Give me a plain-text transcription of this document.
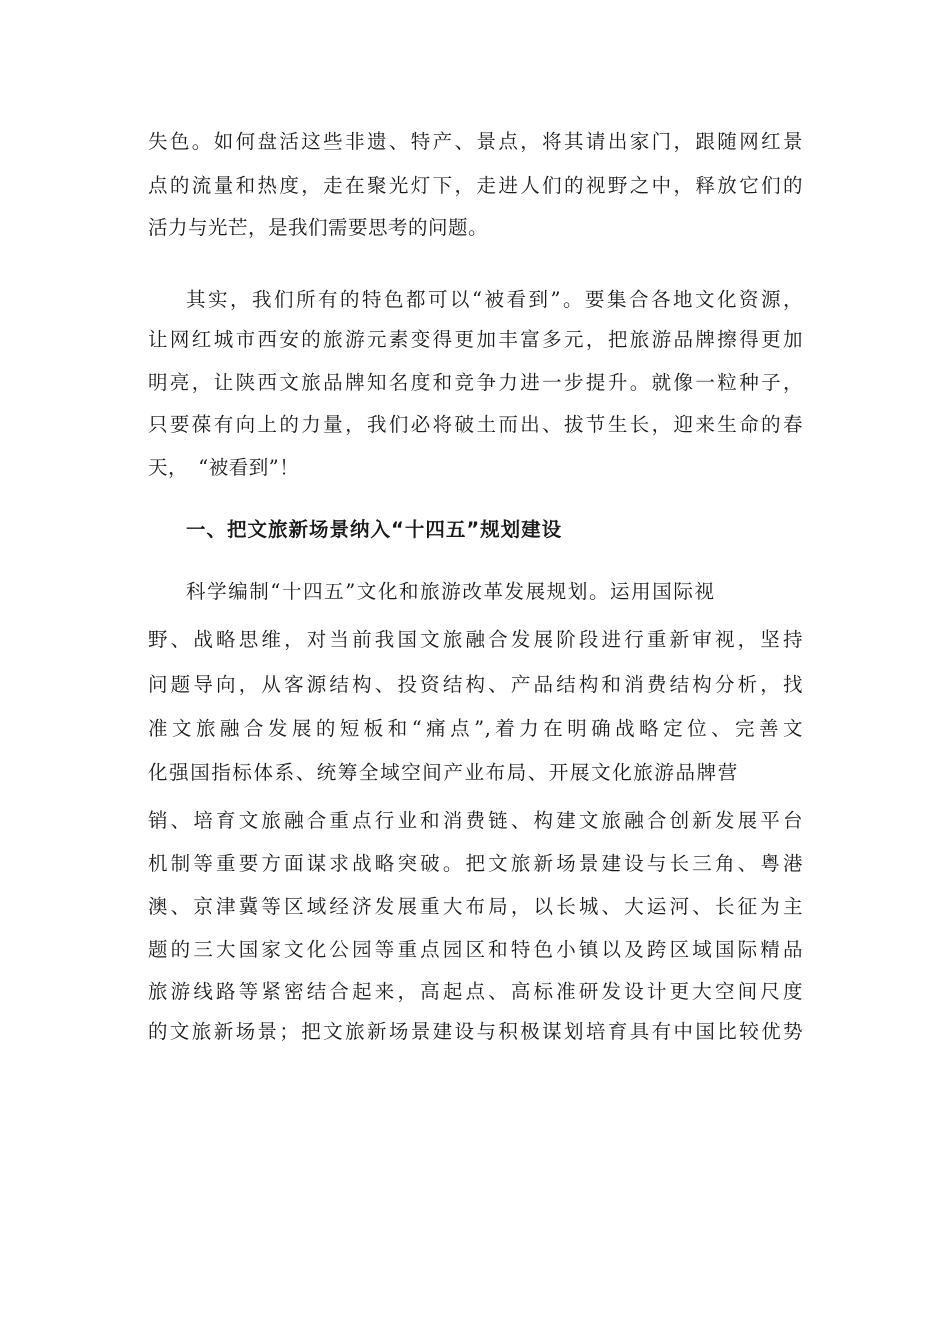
失色。如何盘活这些非遗、特产、景点，将其请出家门，跟随网红景
点的流量和热度，走在聚光灯下，走进人们的视野之中，释放它们的
活力与光芒，是我们需要思考的问题。
其实，我们所有的特色都可以“被看到”。要集合各地文化资源，
让网红城市西安的旅游元素变得更加丰富多元，把旅游品牌擦得更加
明亮，让陕西文旅品牌知名度和竞争力进一步提升。就像一粒种子，
只要葆有向上的力量，我们必将破土而出、拔节生长，迎来生命的春
天，　“被看到”！
一、把文旅新场景纳入“十四五”规划建设
科学编制“十四五”文化和旅游改革发展规划。运用国际视
野、战略思维，对当前我国文旅融合发展阶段进行重新审视，坚持
问题导向，从客源结构、投资结构、产品结构和消费结构分析，找
准文旅融合发展的短板和“痛点”,着力在明确战略定位、完善文
化强国指标体系、统筹全域空间产业布局、开展文化旅游品牌营
销、培育文旅融合重点行业和消费链、构建文旅融合创新发展平台
机制等重要方面谋求战略突破。把文旅新场景建设与长三角、粤港
澳、京津冀等区域经济发展重大布局，以长城、大运河、长征为主
题的三大国家文化公园等重点园区和特色小镇以及跨区域国际精品
旅游线路等紧密结合起来，高起点、高标准研发设计更大空间尺度
的文旅新场景；把文旅新场景建设与积极谋划培育具有中国比较优势
